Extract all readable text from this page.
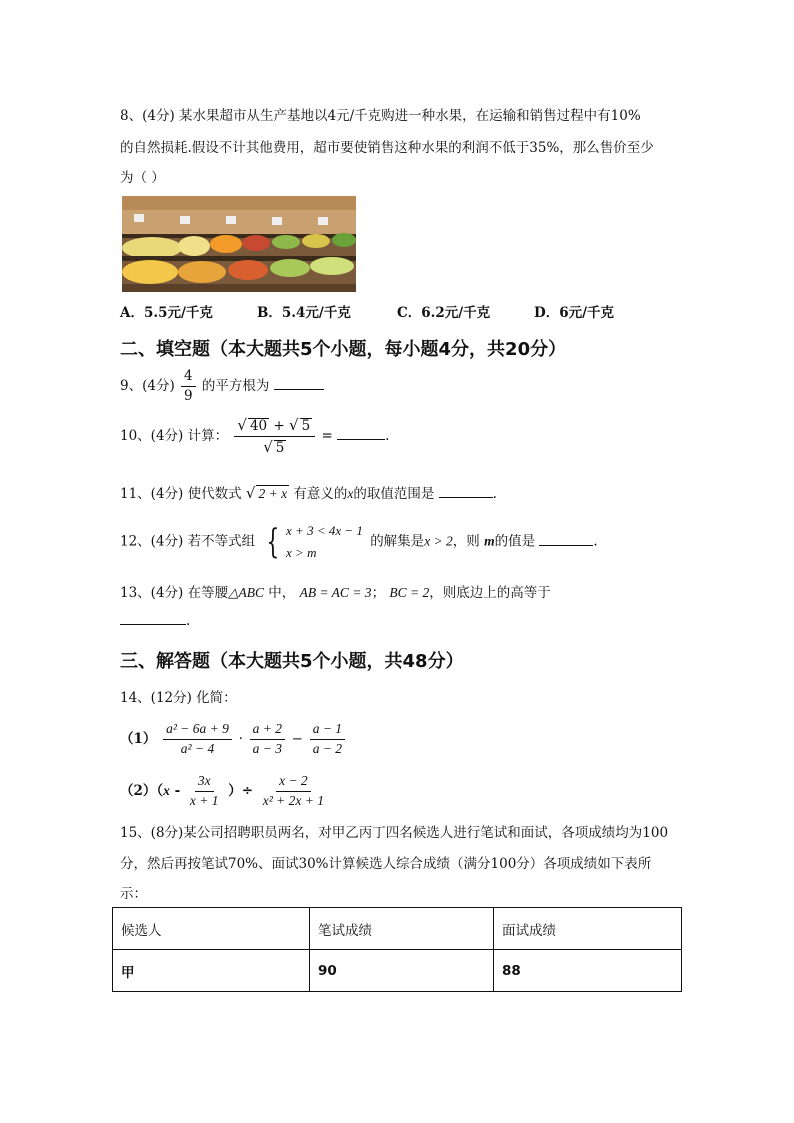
8、(4分) 某水果超市从生产基地以4元/千克购进一种水果，在运输和销售过程中有10%
的自然损耗.假设不计其他费用，超市要使销售这种水果的利润不低于35%，那么售价至少
为（ ）
A．5.5元/千克	B．5.4元/千克	C．6.2元/千克	D．6元/千克
二、填空题（本大题共5个小题，每小题4分，共20分）
9、(4分) $\frac{4}{9}$ 的平方根为
10、(4分) 计算： $\frac{√ 40 + √ 5}{√ 5}$ =	.
11、(4分) 使代数式 √ 2 + x 有意义的x的取值范围是	.
12、(4分) 若不等式组 { x + 3 < 4x − 1
x > m
的解集是x > 2，则 m的值是	.
13、(4分) 在等腰△ABC 中， AB = AC = 3； BC = 2，则底边上的高等于
.
三、解答题（本大题共5个小题，共48分）
14、(12分) 化简：
$(1) \frac{\text{a² − 6a + 9}}{\text{a² − 4}} \cdot \frac{a + 2}{a - 3} - \frac{a - 1}{a - 2}$
$(2)(x - \frac{3x}{x + 1}$ ）÷ $\frac{x - 2}{\text{x² + 2x + 1}}$
15、(8分)某公司招聘职员两名，对甲乙丙丁四名候选人进行笔试和面试，各项成绩均为100
分，然后再按笔试70%、面试30%计算候选人综合成绩（满分100分）各项成绩如下表所
示：
候选人	笔试成绩	面试成绩
甲	90	88
